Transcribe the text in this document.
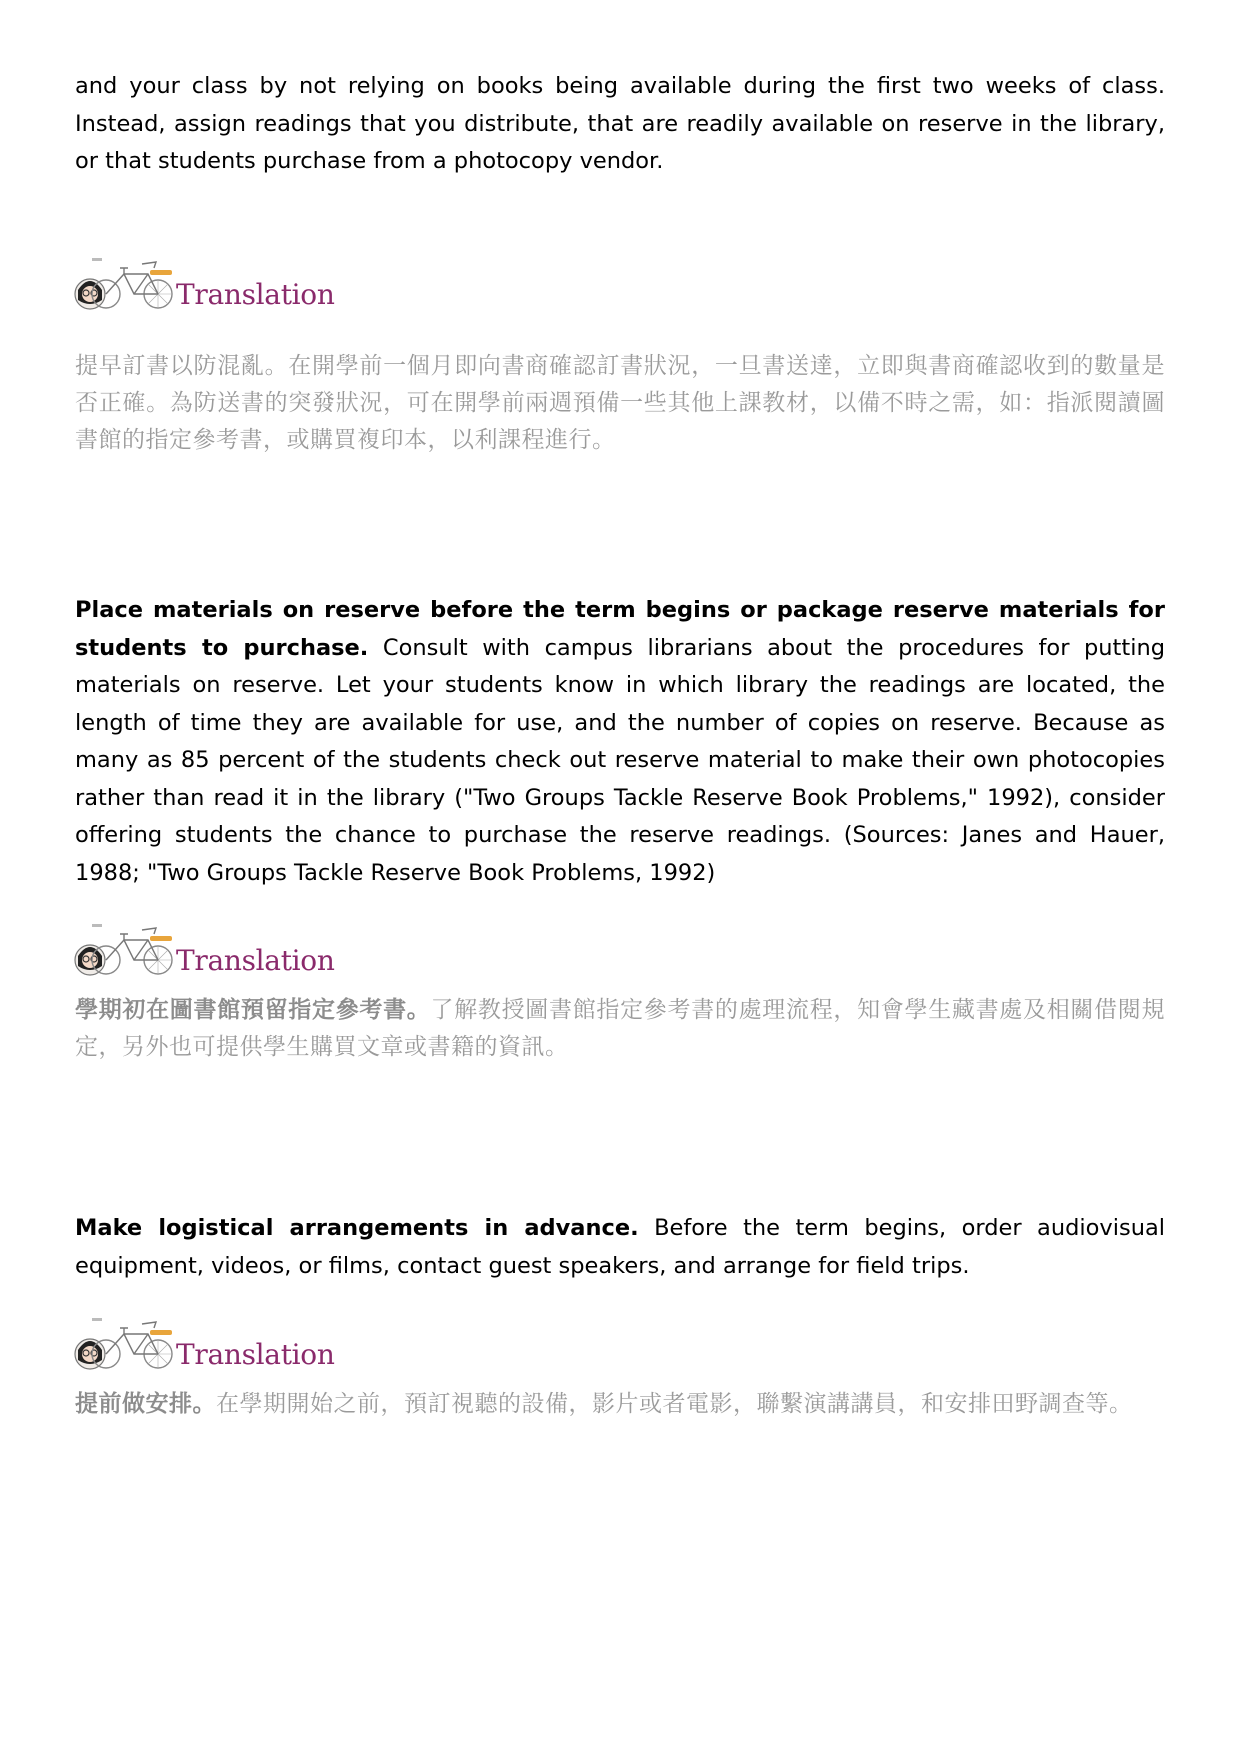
and your class by not relying on books being available during the first two weeks of class. Instead, assign readings that you distribute, that are readily available on reserve in the library, or that students purchase from a photocopy vendor.

Translation

提早訂書以防混亂。在開學前一個月即向書商確認訂書狀況，一旦書送達，立即與書商確認收到的數量是否正確。為防送書的突發狀況，可在開學前兩週預備一些其他上課教材，以備不時之需，如：指派閱讀圖書館的指定參考書，或購買複印本，以利課程進行。

Place materials on reserve before the term begins or package reserve materials for students to purchase. Consult with campus librarians about the procedures for putting materials on reserve. Let your students know in which library the readings are located, the length of time they are available for use, and the number of copies on reserve. Because as many as 85 percent of the students check out reserve material to make their own photocopies rather than read it in the library ("Two Groups Tackle Reserve Book Problems," 1992), consider offering students the chance to purchase the reserve readings. (Sources: Janes and Hauer, 1988; "Two Groups Tackle Reserve Book Problems, 1992)

Translation

學期初在圖書館預留指定參考書。了解教授圖書館指定參考書的處理流程，知會學生藏書處及相關借閱規定，另外也可提供學生購買文章或書籍的資訊。

Make logistical arrangements in advance. Before the term begins, order audiovisual equipment, videos, or films, contact guest speakers, and arrange for field trips.

Translation

提前做安排。在學期開始之前，預訂視聽的設備，影片或者電影，聯繫演講講員，和安排田野調查等。
